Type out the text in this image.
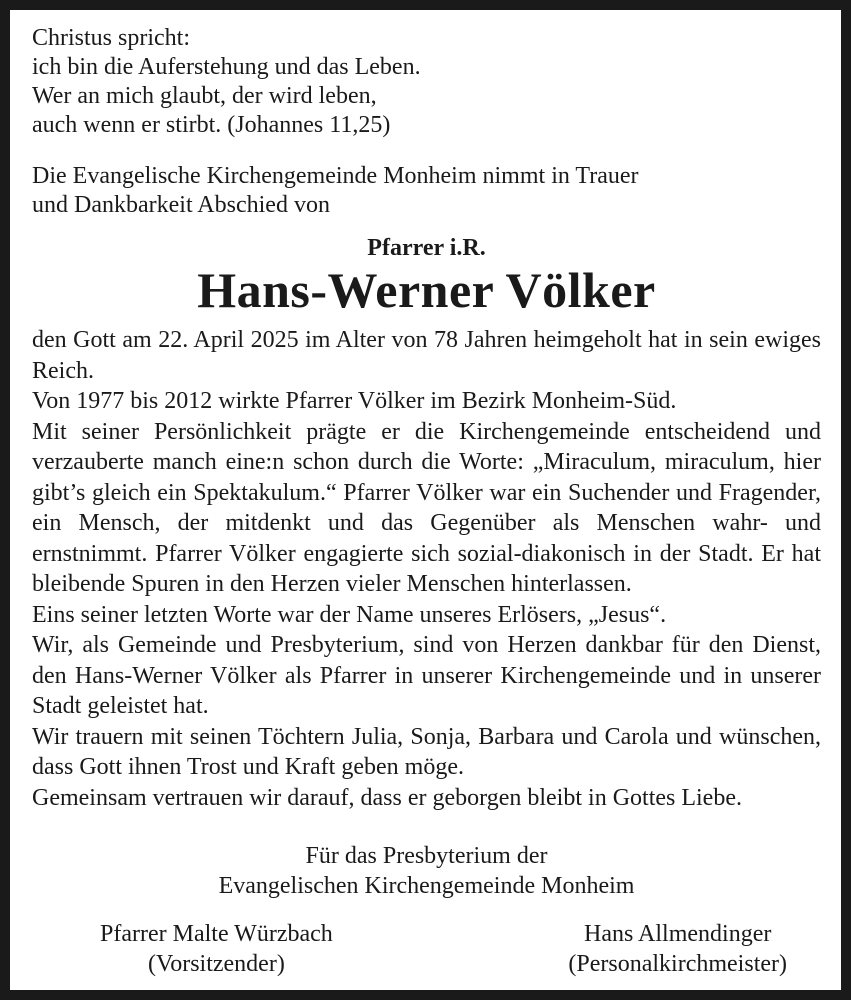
Christus spricht:
ich bin die Auferstehung und das Leben.
Wer an mich glaubt, der wird leben,
auch wenn er stirbt. (Johannes 11,25)
Die Evangelische Kirchengemeinde Monheim nimmt in Trauer
und Dankbarkeit Abschied von
Pfarrer i.R.
Hans-Werner Völker

den Gott am 22. April 2025 im Alter von 78 Jahren heimgeholt hat in sein ewiges Reich.

Von 1977 bis 2012 wirkte Pfarrer Völker im Bezirk Monheim-Süd.

Mit seiner Persönlichkeit prägte er die Kirchengemeinde entscheidend und verzauberte manch eine:n schon durch die Worte: „Miraculum, miraculum, hier gibt’s gleich ein Spektakulum.“ Pfarrer Völker war ein Suchender und Fragender, ein Mensch, der mitdenkt und das Gegenüber als Menschen wahr- und ernstnimmt. Pfarrer Völker engagierte sich sozial-diakonisch in der Stadt. Er hat bleibende Spuren in den Herzen vieler Menschen hinterlassen.

Eins seiner letzten Worte war der Name unseres Erlösers, „Jesus“.

Wir, als Gemeinde und Presbyterium, sind von Herzen dankbar für den Dienst, den Hans-Werner Völker als Pfarrer in unserer Kirchengemeinde und in unserer Stadt geleistet hat.

Wir trauern mit seinen Töchtern Julia, Sonja, Barbara und Carola und wünschen, dass Gott ihnen Trost und Kraft geben möge.

Gemeinsam vertrauen wir darauf, dass er geborgen bleibt in Gottes Liebe.

Für das Presbyterium der
Evangelischen Kirchengemeinde Monheim
Pfarrer Malte Würzbach
(Vorsitzender)
Hans Allmendinger
(Personalkirchmeister)
